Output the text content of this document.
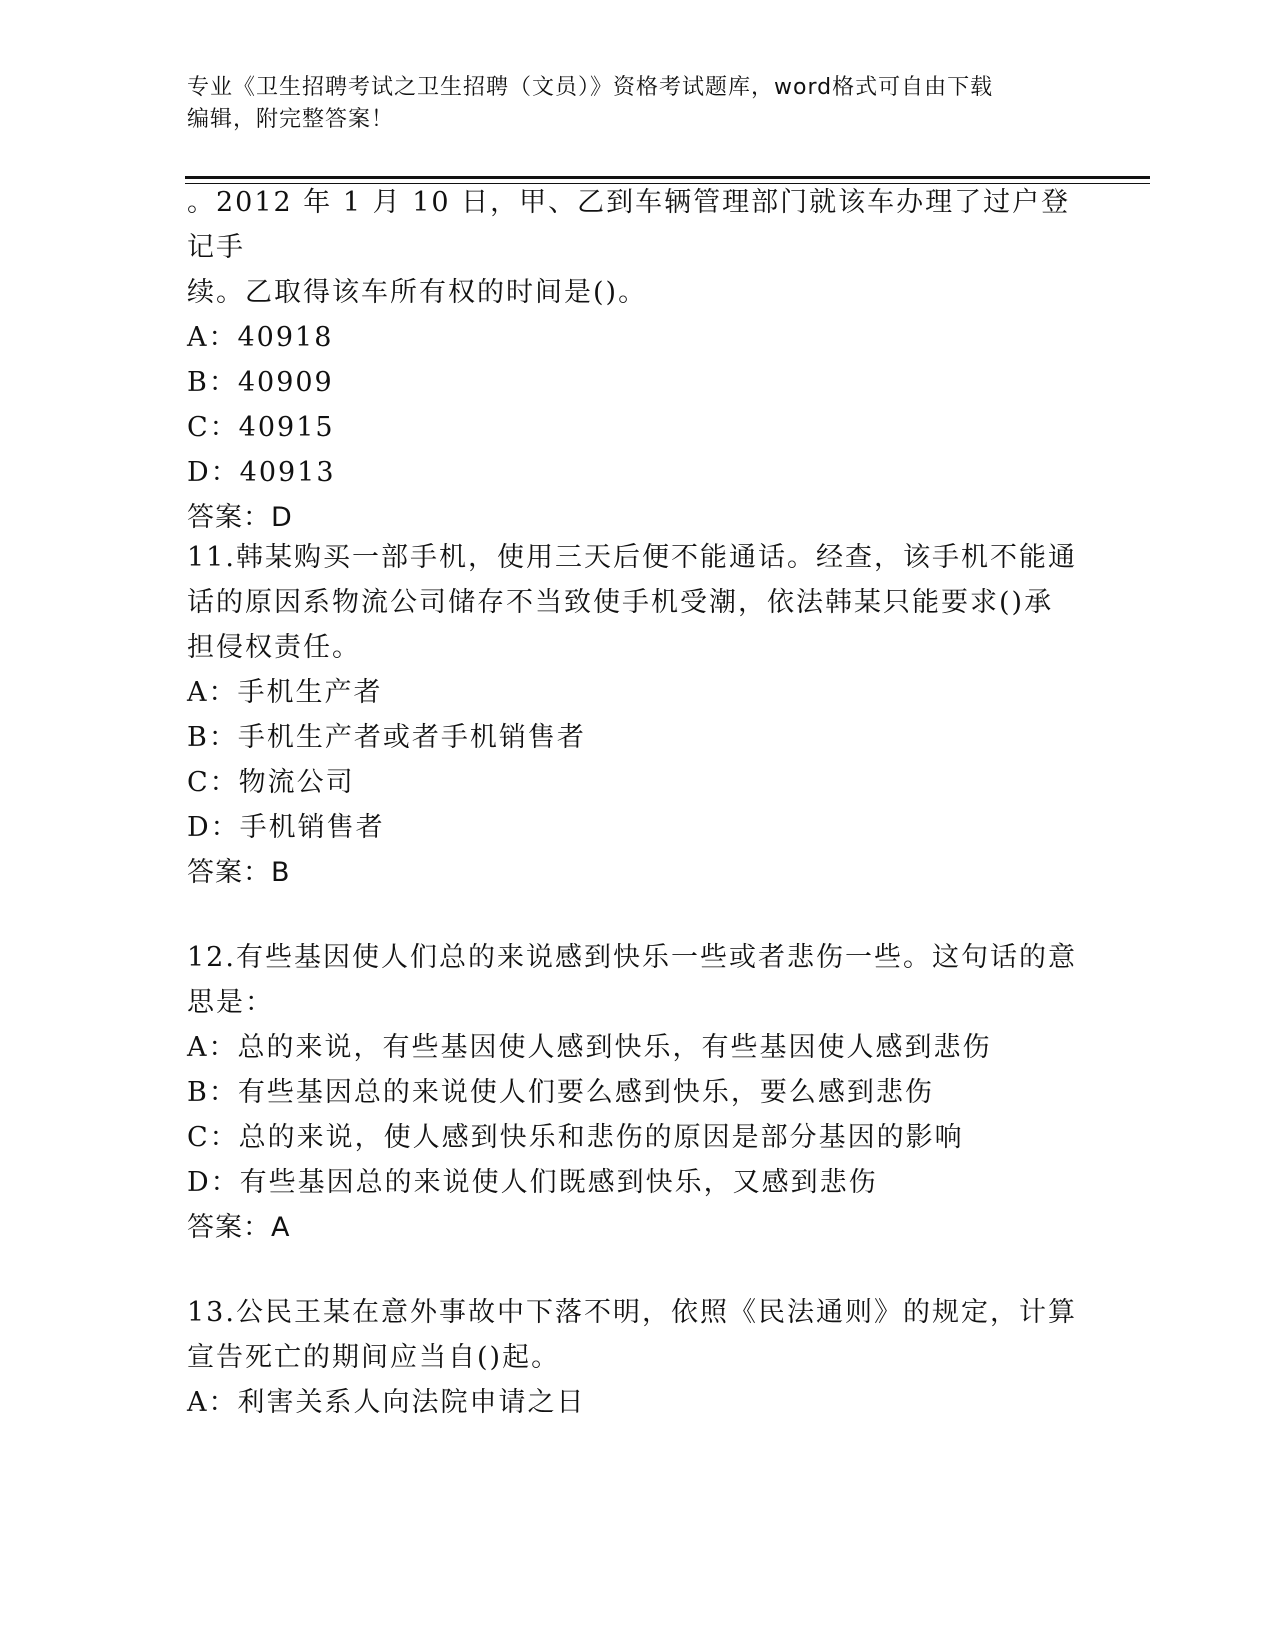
专业《卫生招聘考试之卫生招聘（文员）》资格考试题库，word格式可自由下载
编辑，附完整答案！
。2012 年 1 月 10 日，甲、乙到车辆管理部门就该车办理了过户登记手
续。乙取得该车所有权的时间是()。
A：40918
B：40909
C：40915
D：40913
答案：D
11.韩某购买一部手机，使用三天后便不能通话。经查，该手机不能通
话的原因系物流公司储存不当致使手机受潮，依法韩某只能要求()承
担侵权责任。
A：手机生产者
B：手机生产者或者手机销售者
C：物流公司
D：手机销售者
答案：B
12.有些基因使人们总的来说感到快乐一些或者悲伤一些。这句话的意
思是：
A：总的来说，有些基因使人感到快乐，有些基因使人感到悲伤
B：有些基因总的来说使人们要么感到快乐，要么感到悲伤
C：总的来说，使人感到快乐和悲伤的原因是部分基因的影响
D：有些基因总的来说使人们既感到快乐，又感到悲伤
答案：A
13.公民王某在意外事故中下落不明，依照《民法通则》的规定，计算
宣告死亡的期间应当自()起。
A：利害关系人向法院申请之日
